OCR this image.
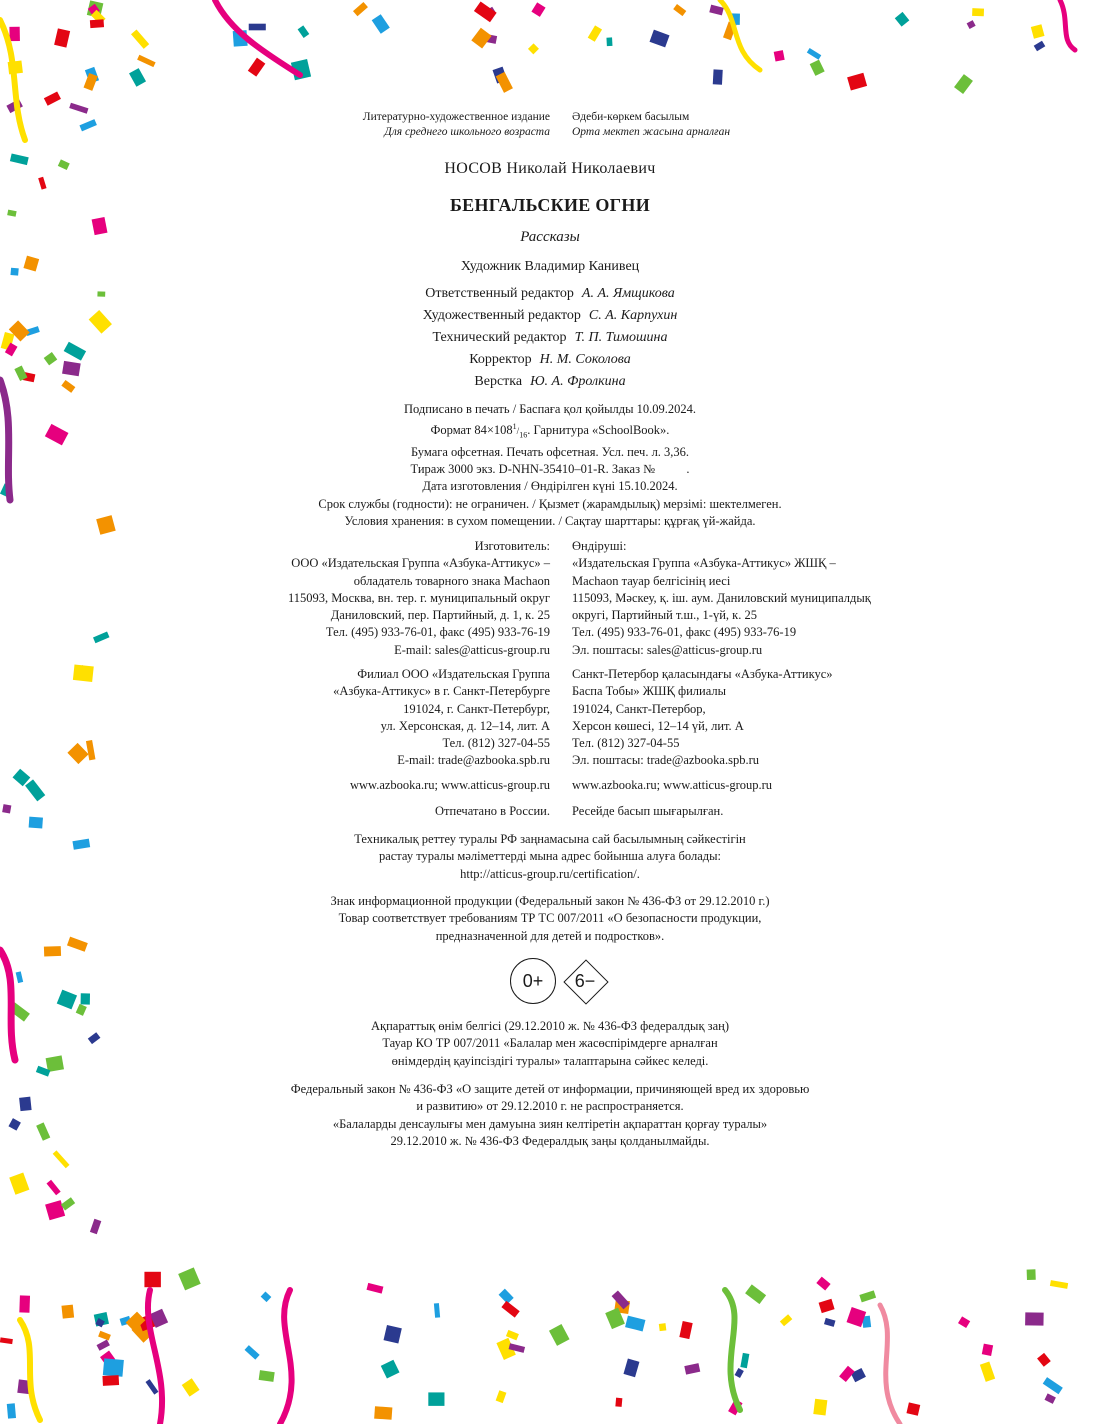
Литературно-художественное издание
Для среднего школьного возраста
Әдеби-көркем басылым
Орта мектеп жасына арналған
НОСОВ Николай Николаевич
БЕНГАЛЬСКИЕ ОГНИ
Рассказы
Художник Владимир Канивец
Ответственный редактор А. А. Ямщикова
Художественный редактор С. А. Карпухин
Технический редактор Т. П. Тимошина
Корректор Н. М. Соколова
Верстка Ю. А. Фролкина
Подписано в печать / Баспаға қол қойылды 10.09.2024.
Формат $84\times 108^1/_{16}$. Гарнитура «SchoolBook».
Бумага офсетная. Печать офсетная. Усл. печ. л. 3,36.
Тираж 3000 экз. D-NHN-35410–01-R. Заказ №          .
Дата изготовления / Өндірілген күні 15.10.2024.
Срок службы (годности): не ограничен. / Қызмет (жарамдылық) мерзімі: шектелмеген.
Условия хранения: в сухом помещении. / Сақтау шарттары: құрғақ үй-жайда.
Изготовитель:
ООО «Издательская Группа «Азбука-Аттикус» –
обладатель товарного знака Machaon
115093, Москва, вн. тер. г. муниципальный округ
Даниловский, пер. Партийный, д. 1, к. 25
Тел. (495) 933-76-01, факс (495) 933-76-19
E-mail: sales@atticus-group.ru
Өндіруші:
«Издательская Группа «Азбука-Аттикус» ЖШҚ –
Machaon тауар белгісінің иесі
115093, Мәскеу, қ. іш. аум. Даниловский муниципалдық
округі, Партийный т.ш., 1-үй, к. 25
Тел. (495) 933-76-01, факс (495) 933-76-19
Эл. поштасы: sales@atticus-group.ru
Филиал ООО «Издательская Группа
«Азбука-Аттикус» в г. Санкт-Петербурге
191024, г. Санкт-Петербург,
ул. Херсонская, д. 12–14, лит. А
Тел. (812) 327-04-55
E-mail: trade@azbooka.spb.ru
Санкт-Петербор қаласындағы «Азбука-Аттикус»
Баспа Тобы» ЖШҚ филиалы
191024, Санкт-Петербор,
Херсон көшесі, 12–14 үй, лит. А
Тел. (812) 327-04-55
Эл. поштасы: trade@azbooka.spb.ru
www.azbooka.ru; www.atticus-group.ru www.azbooka.ru; www.atticus-group.ru
Отпечатано в России. Ресейде басып шығарылған.
Техникалық реттеу туралы РФ заңнамасына сай басылымның сәйкестігін
растау туралы мәліметтерді мына адрес бойынша алуға болады:
http://atticus-group.ru/certification/.
Знак информационной продукции (Федеральный закон № 436-ФЗ от 29.12.2010 г.)
Товар соответствует требованиям ТР ТС 007/2011 «О безопасности продукции,
предназначенной для детей и подростков».
0+	6−
Ақпараттық өнім белгісі (29.12.2010 ж. № 436-ФЗ федералдық заң)
Тауар КО ТР 007/2011 «Балалар мен жасөспірімдерге арналған
өнімдердің қауіпсіздігі туралы» талаптарына сәйкес келеді.
Федеральный закон № 436-ФЗ «О защите детей от информации, причиняющей вред их здоровью
и развитию» от 29.12.2010 г. не распространяется.
«Балаларды денсаулығы мен дамуына зиян келтіретін ақпараттан қорғау туралы»
29.12.2010 ж. № 436-ФЗ Федералдық заңы қолданылмайды.
